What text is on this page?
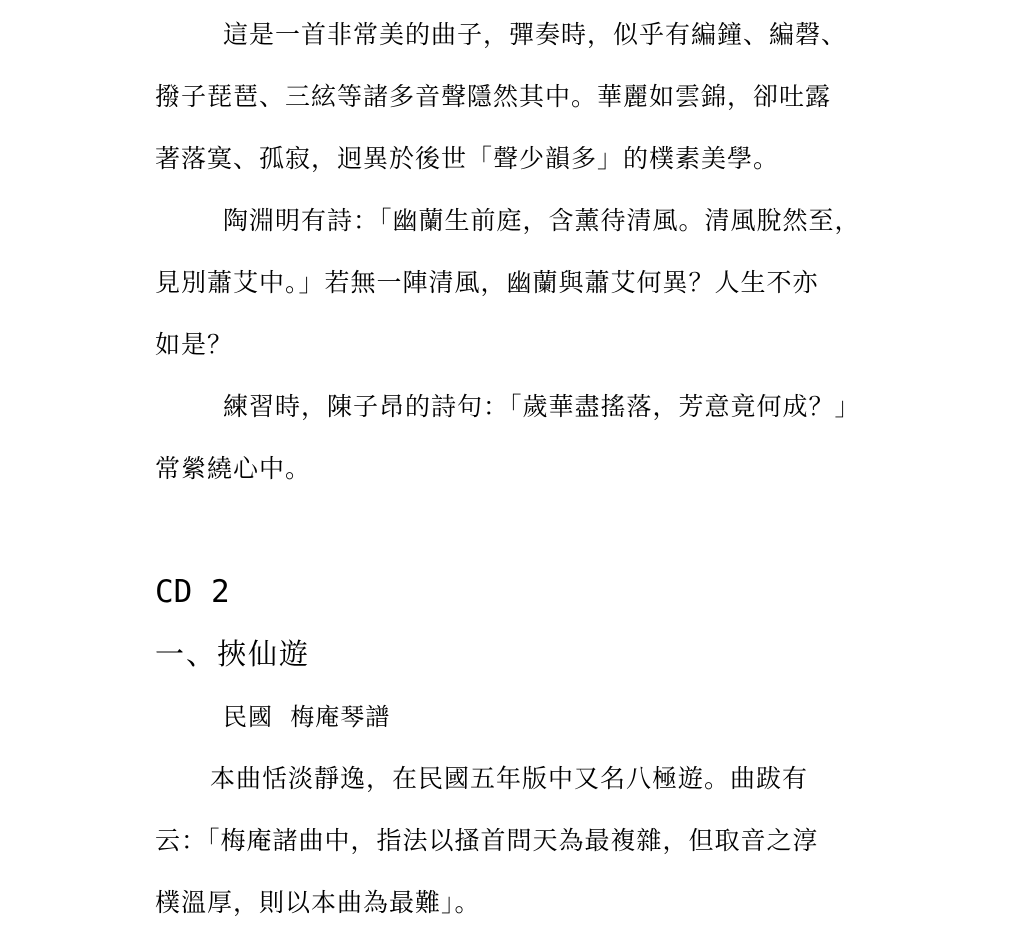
這是一首非常美的曲子，彈奏時，似乎有編鐘、編磬、
撥子琵琶、三絃等諸多音聲隱然其中。華麗如雲錦，卻吐露
著落寞、孤寂，迥異於後世「聲少韻多」的樸素美學。
陶淵明有詩：「幽蘭生前庭，含薰待清風。清風脫然至，
見別蕭艾中。」若無一陣清風，幽蘭與蕭艾何異？人生不亦
如是？
練習時，陳子昂的詩句：「歲華盡搖落，芳意竟何成？」
常縈繞心中。
CD 2
一、挾仙遊
民國  梅庵琴譜
本曲恬淡靜逸，在民國五年版中又名八極遊。曲跋有
云：「梅庵諸曲中，指法以搔首問天為最複雜，但取音之淳
樸溫厚，則以本曲為最難」。
